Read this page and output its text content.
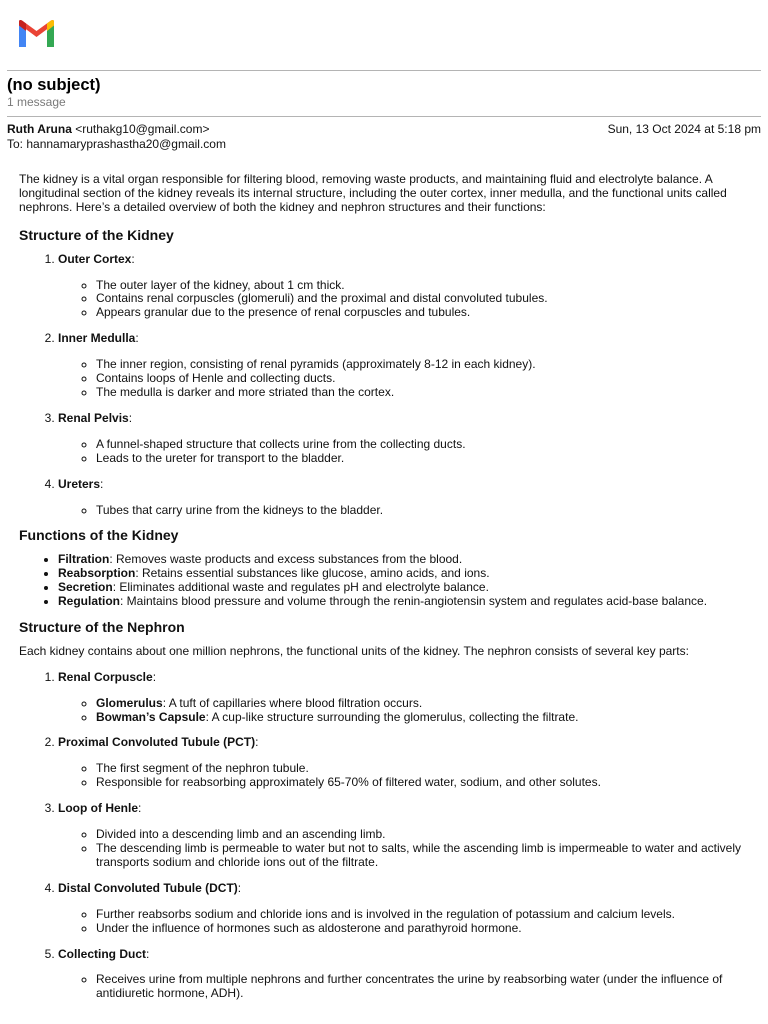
(no subject)
1 message
Ruth Aruna <ruthakg10@gmail.com>	Sun, 13 Oct 2024 at 5:18 pm
To: hannamaryprashastha20@gmail.com

The kidney is a vital organ responsible for filtering blood, removing waste products, and maintaining fluid and electrolyte balance. A longitudinal section of the kidney reveals its internal structure, including the outer cortex, inner medulla, and the functional units called nephrons. Here’s a detailed overview of both the kidney and nephron structures and their functions:

Structure of the Kidney
1. Outer Cortex:
◦ The outer layer of the kidney, about 1 cm thick.
◦ Contains renal corpuscles (glomeruli) and the proximal and distal convoluted tubules.
◦ Appears granular due to the presence of renal corpuscles and tubules.
2. Inner Medulla:
◦ The inner region, consisting of renal pyramids (approximately 8-12 in each kidney).
◦ Contains loops of Henle and collecting ducts.
◦ The medulla is darker and more striated than the cortex.
3. Renal Pelvis:
◦ A funnel-shaped structure that collects urine from the collecting ducts.
◦ Leads to the ureter for transport to the bladder.
4. Ureters:
◦ Tubes that carry urine from the kidneys to the bladder.
Functions of the Kidney
• Filtration: Removes waste products and excess substances from the blood.
• Reabsorption: Retains essential substances like glucose, amino acids, and ions.
• Secretion: Eliminates additional waste and regulates pH and electrolyte balance.
• Regulation: Maintains blood pressure and volume through the renin-angiotensin system and regulates acid-base balance.
Structure of the Nephron

Each kidney contains about one million nephrons, the functional units of the kidney. The nephron consists of several key parts:

1. Renal Corpuscle:
◦ Glomerulus: A tuft of capillaries where blood filtration occurs.
◦ Bowman’s Capsule: A cup-like structure surrounding the glomerulus, collecting the filtrate.
2. Proximal Convoluted Tubule (PCT):
◦ The first segment of the nephron tubule.
◦ Responsible for reabsorbing approximately 65-70% of filtered water, sodium, and other solutes.
3. Loop of Henle:
◦ Divided into a descending limb and an ascending limb.
◦ The descending limb is permeable to water but not to salts, while the ascending limb is impermeable to water and actively transports sodium and chloride ions out of the filtrate.
4. Distal Convoluted Tubule (DCT):
◦ Further reabsorbs sodium and chloride ions and is involved in the regulation of potassium and calcium levels.
◦ Under the influence of hormones such as aldosterone and parathyroid hormone.
5. Collecting Duct:
◦ Receives urine from multiple nephrons and further concentrates the urine by reabsorbing water (under the influence of antidiuretic hormone, ADH).
